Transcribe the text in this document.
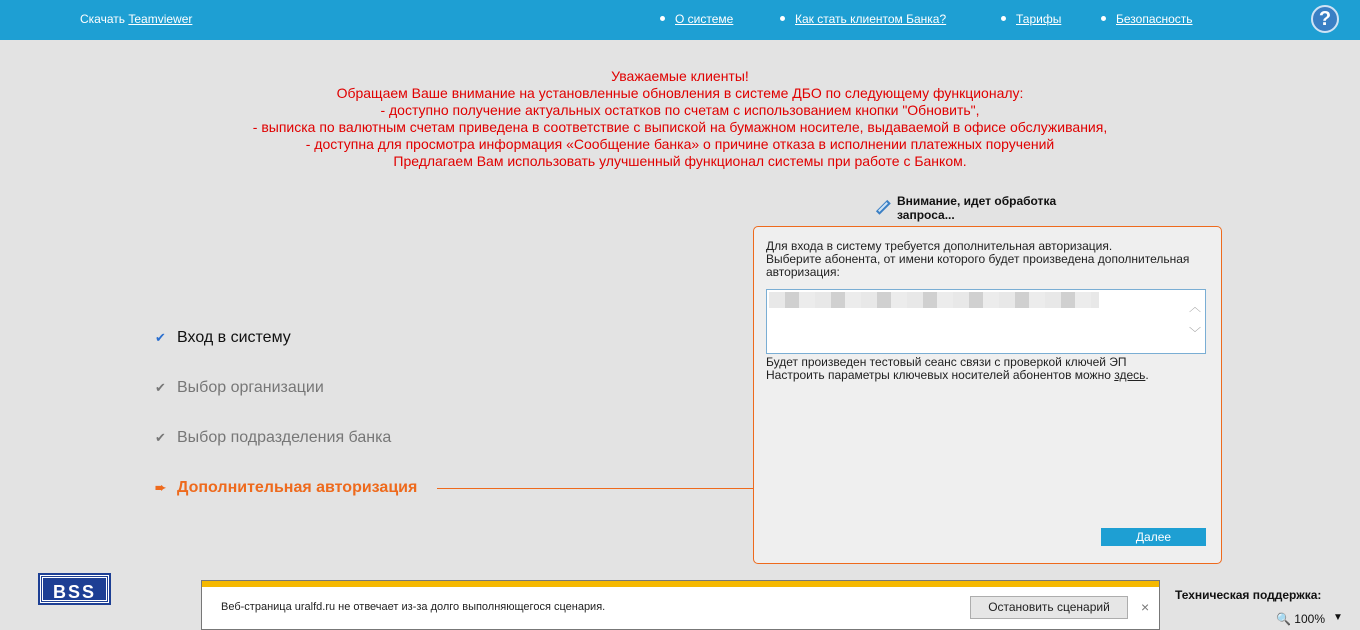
Скачать Teamviewer	О системе	Как стать клиентом Банка?	Тарифы	Безопасность	?
Уважаемые клиенты!
Обращаем Ваше внимание на установленные обновления в системе ДБО по следующему функционалу:
- доступно получение актуальных остатков по счетам с использованием кнопки "Обновить",
- выписка по валютным счетам приведена в соответствие с выпиской на бумажном носителе, выдаваемой в офисе обслуживания,
- доступна для просмотра информация «Сообщение банка» о причине отказа в исполнении платежных поручений
Предлагаем Вам использовать улучшенный функционал системы при работе с Банком.
Внимание, идет обработка
запроса...
✔ Вход в систему
✔ Выбор организации
✔ Выбор подразделения банка
➨ Дополнительная авторизация
Для входа в систему требуется дополнительная авторизация.
Выберите абонента, от имени которого будет произведена дополнительная авторизация:
︿
﹀
Будет произведен тестовый сеанс связи с проверкой ключей ЭП
Настроить параметры ключевых носителей абонентов можно здесь.
Далее
BSS	Техническая поддержка:
🔍 100% ▼
Веб-страница uralfd.ru не отвечает из-за долго выполняющегося сценария.	Остановить сценарий	×
